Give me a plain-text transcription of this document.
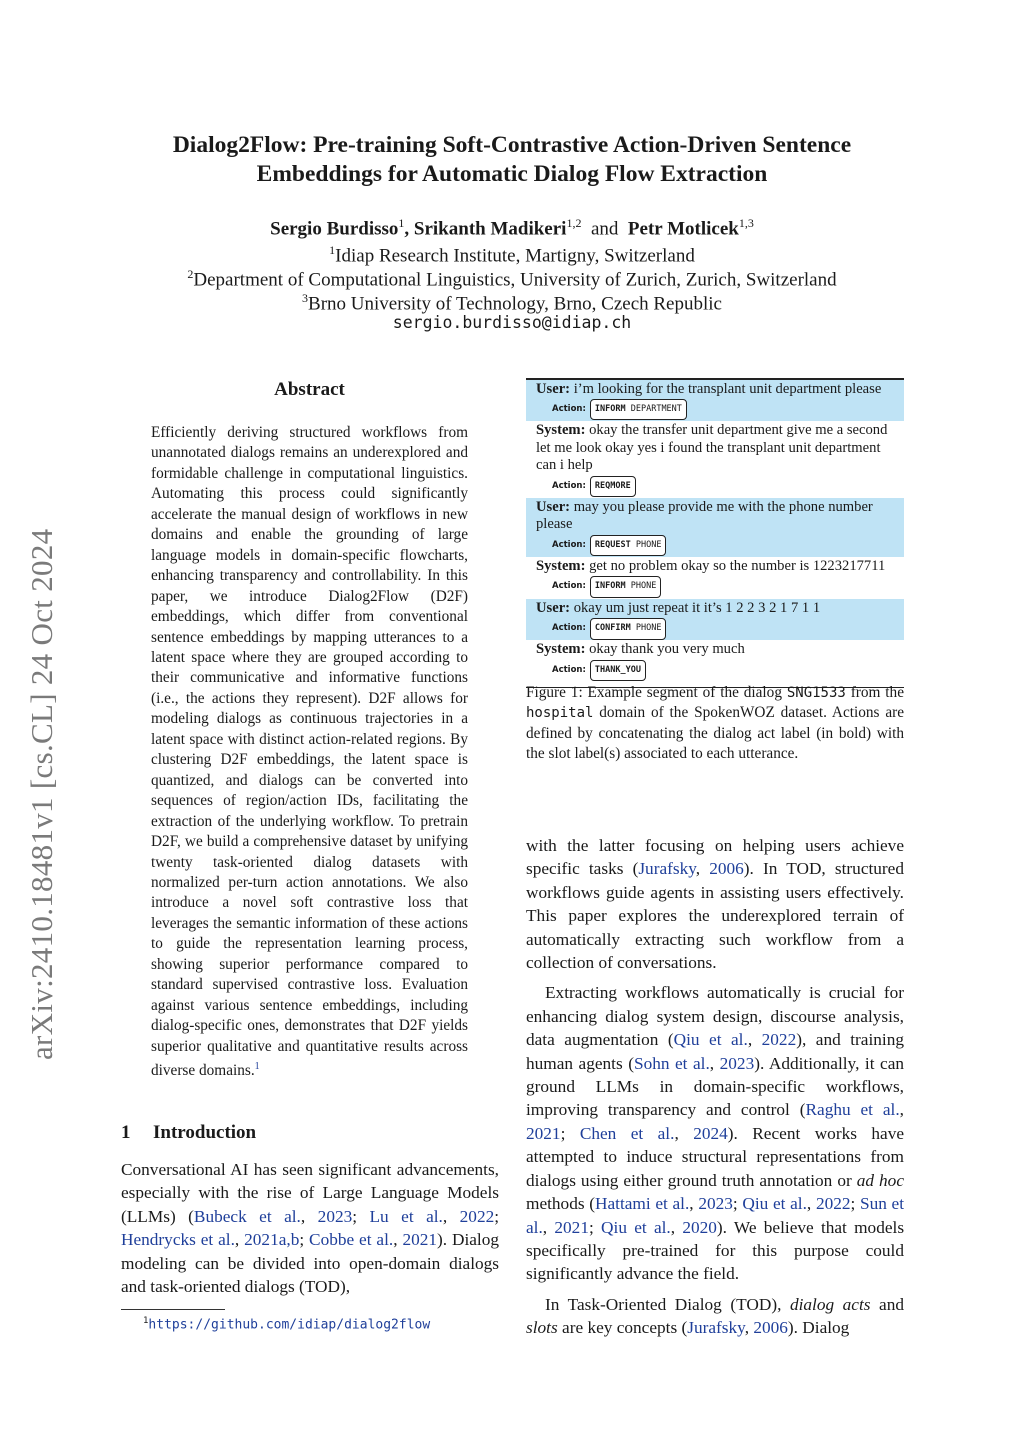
arXiv:2410.18481v1 [cs.CL] 24 Oct 2024
Dialog2Flow: Pre-training Soft-Contrastive Action-Driven Sentence
Embeddings for Automatic Dialog Flow Extraction
Sergio Burdisso$^1$, Srikanth Madikeri$^{1,2}$ and Petr Motlicek$^{1,3}$
$^1$Idiap Research Institute, Martigny, Switzerland
$^2$Department of Computational Linguistics, University of Zurich, Zurich, Switzerland
$^3$Brno University of Technology, Brno, Czech Republic
sergio.burdisso@idiap.ch
Abstract
Efficiently deriving structured workflows from unannotated dialogs remains an underexplored and formidable challenge in computational linguistics. Automating this process could significantly accelerate the manual design of workflows in new domains and enable the grounding of large language models in domain-specific flowcharts, enhancing transparency and controllability. In this paper, we introduce Dialog2Flow (D2F) embeddings, which differ from conventional sentence embeddings by mapping utterances to a latent space where they are grouped according to their communicative and informative functions (i.e., the actions they represent). D2F allows for modeling dialogs as continuous trajectories in a latent space with distinct action-related regions. By clustering D2F embeddings, the latent space is quantized, and dialogs can be converted into sequences of region/action IDs, facilitating the extraction of the underlying workflow. To pretrain D2F, we build a comprehensive dataset by unifying twenty task-oriented dialog datasets with normalized per-turn action annotations. We also introduce a novel soft contrastive loss that leverages the semantic information of these actions to guide the representation learning process, showing superior performance compared to standard supervised contrastive loss. Evaluation against various sentence embeddings, including dialog-specific ones, demonstrates that D2F yields superior qualitative and quantitative results across diverse domains.$^1$
1 Introduction
Conversational AI has seen significant advancements, especially with the rise of Large Language Models (LLMs) (Bubeck et al., 2023; Lu et al., 2022; Hendrycks et al., 2021a,b; Cobbe et al., 2021). Dialog modeling can be divided into open-domain dialogs and task-oriented dialogs (TOD),
$^1$https://github.com/idiap/dialog2flow
User: i’m looking for the transplant unit department please
Action:	INFORM DEPARTMENT
System: okay the transfer unit department give me a second let me look okay yes i found the transplant unit department can i help
Action:	REQMORE
User: may you please provide me with the phone number please
Action:	REQUEST PHONE
System: get no problem okay so the number is 1223217711
Action:	INFORM PHONE
User: okay um just repeat it it’s 1 2 2 3 2 1 7 1 1
Action:	CONFIRM PHONE
System: okay thank you very much
Action:	THANK_YOU
Figure 1: Example segment of the dialog SNG1533 from the hospital domain of the SpokenWOZ dataset. Actions are defined by concatenating the dialog act label (in bold) with the slot label(s) associated to each utterance.

with the latter focusing on helping users achieve specific tasks (Jurafsky, 2006). In TOD, structured workflows guide agents in assisting users effectively. This paper explores the underexplored terrain of automatically extracting such workflow from a collection of conversations.

Extracting workflows automatically is crucial for enhancing dialog system design, discourse analysis, data augmentation (Qiu et al., 2022), and training human agents (Sohn et al., 2023). Additionally, it can ground LLMs in domain-specific workflows, improving transparency and control (Raghu et al., 2021; Chen et al., 2024). Recent works have attempted to induce structural representations from dialogs using either ground truth annotation or ad hoc methods (Hattami et al., 2023; Qiu et al., 2022; Sun et al., 2021; Qiu et al., 2020). We believe that models specifically pre-trained for this purpose could significantly advance the field.

In Task-Oriented Dialog (TOD), dialog acts and slots are key concepts (Jurafsky, 2006). Dialog
